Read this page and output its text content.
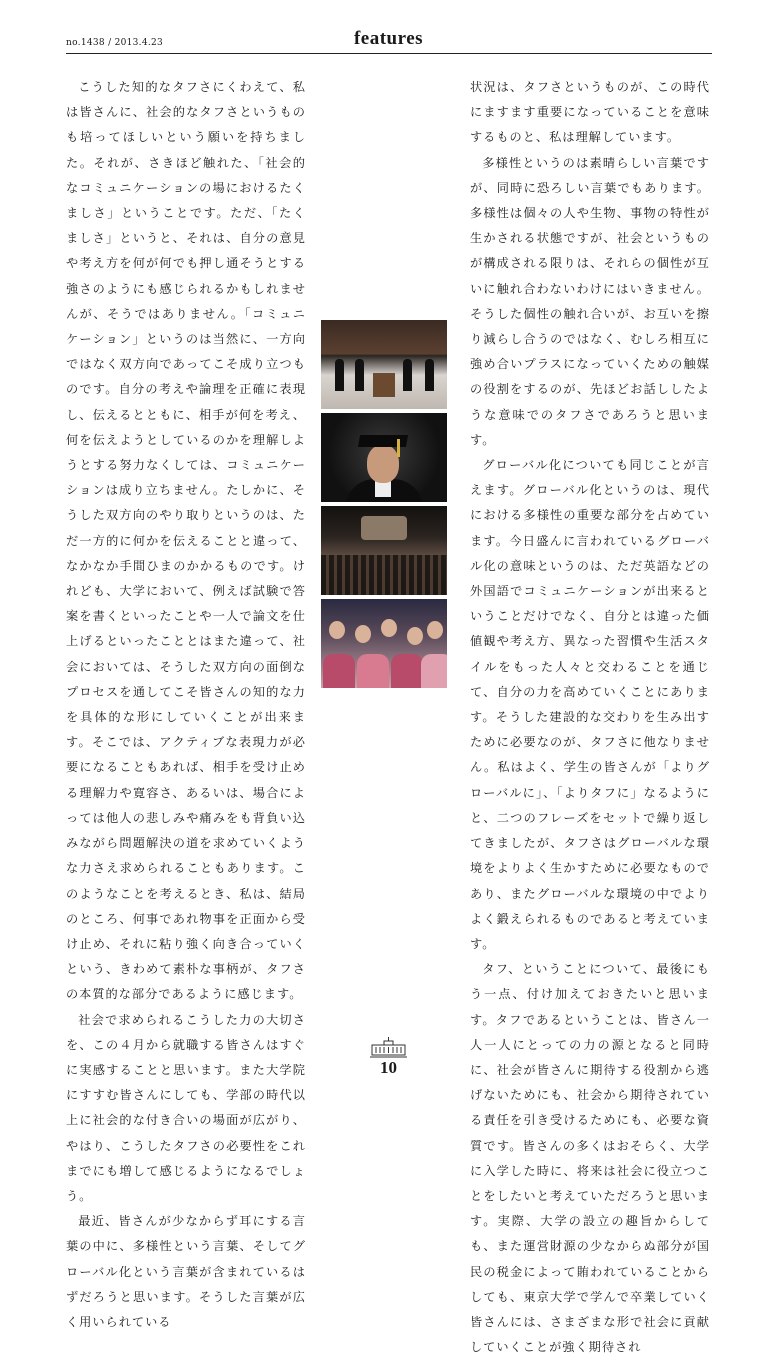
no.1438 / 2013.4.23	features

こうした知的なタフさにくわえて、私は皆さんに、社会的なタフさというものも培ってほしいという願いを持ちました。それが、さきほど触れた、「社会的なコミュニケーションの場におけるたくましさ」ということです。ただ、「たくましさ」というと、それは、自分の意見や考え方を何が何でも押し通そうとする強さのようにも感じられるかもしれませんが、そうではありません。「コミュニケーション」というのは当然に、一方向ではなく双方向であってこそ成り立つものです。自分の考えや論理を正確に表現し、伝えるとともに、相手が何を考え、何を伝えようとしているのかを理解しようとする努力なくしては、コミュニケーションは成り立ちません。たしかに、そうした双方向のやり取りというのは、ただ一方的に何かを伝えることと違って、なかなか手間ひまのかかるものです。けれども、大学において、例えば試験で答案を書くといったことや一人で論文を仕上げるといったこととはまた違って、社会においては、そうした双方向の面倒なプロセスを通してこそ皆さんの知的な力を具体的な形にしていくことが出来ます。そこでは、アクティブな表現力が必要になることもあれば、相手を受け止める理解力や寛容さ、あるいは、場合によっては他人の悲しみや痛みをも背負い込みながら問題解決の道を求めていくような力さえ求められることもあります。このようなことを考えるとき、私は、結局のところ、何事であれ物事を正面から受け止め、それに粘り強く向き合っていくという、きわめて素朴な事柄が、タフさの本質的な部分であるように感じます。

社会で求められるこうした力の大切さを、この４月から就職する皆さんはすぐに実感することと思います。また大学院にすすむ皆さんにしても、学部の時代以上に社会的な付き合いの場面が広がり、やはり、こうしたタフさの必要性をこれまでにも増して感じるようになるでしょう。

最近、皆さんが少なからず耳にする言葉の中に、多様性という言葉、そしてグローバル化という言葉が含まれているはずだろうと思います。そうした言葉が広く用いられている

状況は、タフさというものが、この時代にますます重要になっていることを意味するものと、私は理解しています。

多様性というのは素晴らしい言葉ですが、同時に恐ろしい言葉でもあります。多様性は個々の人や生物、事物の特性が生かされる状態ですが、社会というものが構成される限りは、それらの個性が互いに触れ合わないわけにはいきません。そうした個性の触れ合いが、お互いを擦り減らし合うのではなく、むしろ相互に強め合いプラスになっていくための触媒の役割をするのが、先ほどお話ししたような意味でのタフさであろうと思います。

グローバル化についても同じことが言えます。グローバル化というのは、現代における多様性の重要な部分を占めています。今日盛んに言われているグローバル化の意味というのは、ただ英語などの外国語でコミュニケーションが出来るということだけでなく、自分とは違った価値観や考え方、異なった習慣や生活スタイルをもった人々と交わることを通じて、自分の力を高めていくことにあります。そうした建設的な交わりを生み出すために必要なのが、タフさに他なりません。私はよく、学生の皆さんが「よりグローバルに」、「よりタフに」なるようにと、二つのフレーズをセットで繰り返してきましたが、タフさはグローバルな環境をよりよく生かすために必要なものであり、またグローバルな環境の中でよりよく鍛えられるものであると考えています。

タフ、ということについて、最後にもう一点、付け加えておきたいと思います。タフであるということは、皆さん一人一人にとっての力の源となると同時に、社会が皆さんに期待する役割から逃げないためにも、社会から期待されている責任を引き受けるためにも、必要な資質です。皆さんの多くはおそらく、大学に入学した時に、将来は社会に役立つことをしたいと考えていただろうと思います。実際、大学の設立の趣旨からしても、また運営財源の少なからぬ部分が国民の税金によって賄われていることからしても、東京大学で学んで卒業していく皆さんには、さまざまな形で社会に貢献していくことが強く期待され

10
